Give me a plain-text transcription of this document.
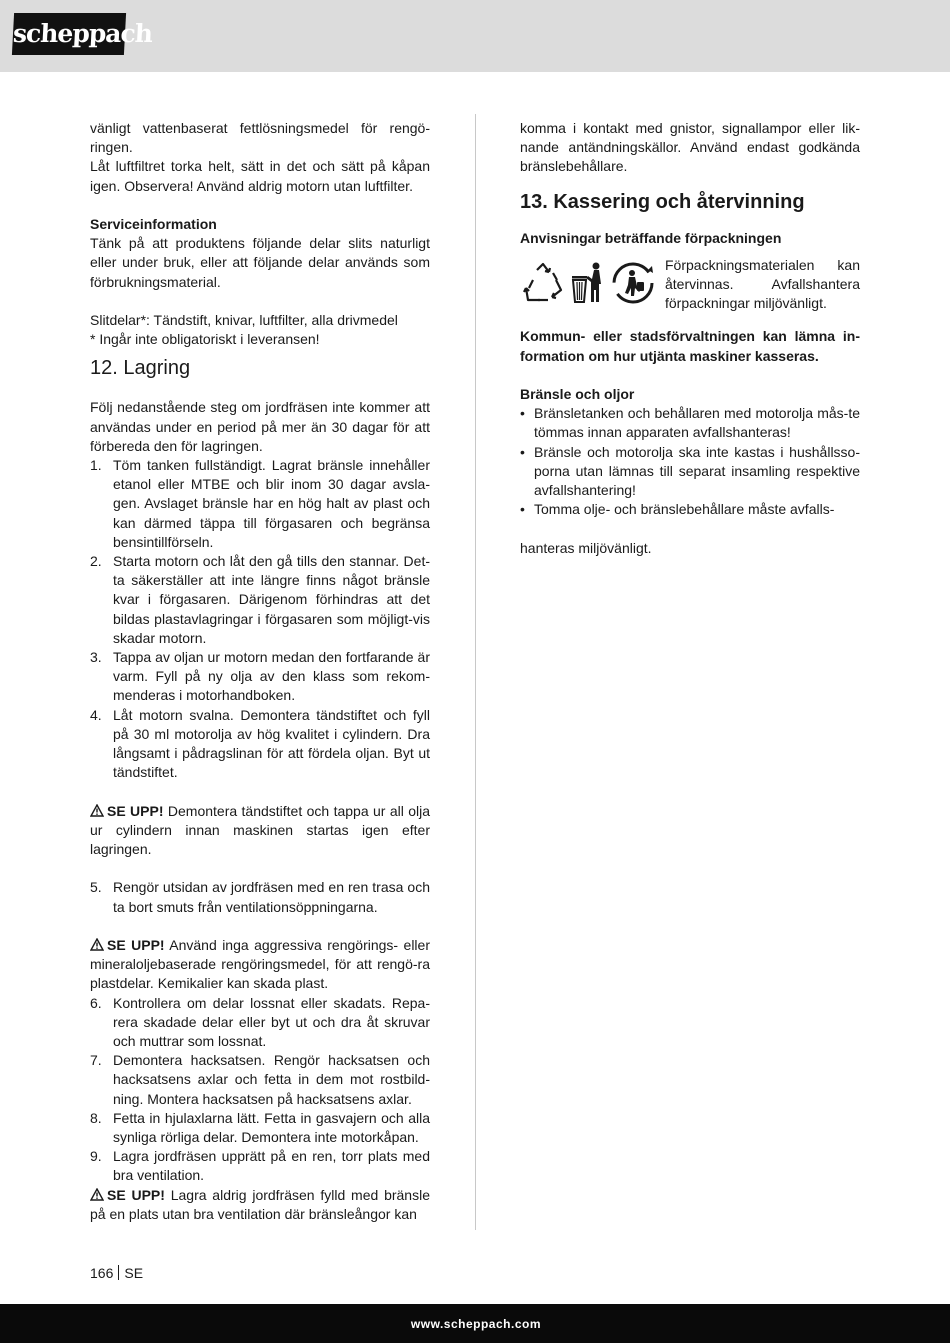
scheppach

vänligt vattenbaserat fettlösningsmedel för rengö-ringen.

Låt luftfiltret torka helt, sätt in det och sätt på kåpan igen. Observera! Använd aldrig motorn utan luftfilter.

Serviceinformation

Tänk på att produktens följande delar slits naturligt eller under bruk, eller att följande delar används som förbrukningsmaterial.

Slitdelar*: Tändstift, knivar, luftfilter, alla drivmedel

* Ingår inte obligatoriskt i leveransen!

12. Lagring

Följ nedanstående steg om jordfräsen inte kommer att användas under en period på mer än 30 dagar för att förbereda den för lagringen.

1. Töm tanken fullständigt. Lagrat bränsle innehåller etanol eller MTBE och blir inom 30 dagar avsla-gen. Avslaget bränsle har en hög halt av plast och kan därmed täppa till förgasaren och begränsa bensintillförseln.
2. Starta motorn och låt den gå tills den stannar. Det-ta säkerställer att inte längre finns något bränsle kvar i förgasaren. Därigenom förhindras att det bildas plastavlagringar i förgasaren som möjligt-vis skadar motorn.
3. Tappa av oljan ur motorn medan den fortfarande är varm. Fyll på ny olja av den klass som rekom-menderas i motorhandboken.
4. Låt motorn svalna. Demontera tändstiftet och fyll på 30 ml motorolja av hög kvalitet i cylindern. Dra långsamt i pådragslinan för att fördela oljan. Byt ut tändstiftet.

SE UPP! Demontera tändstiftet och tappa ur all olja ur cylindern innan maskinen startas igen efter lagringen.

5. Rengör utsidan av jordfräsen med en ren trasa och ta bort smuts från ventilationsöppningarna.

SE UPP! Använd inga aggressiva rengörings- eller mineraloljebaserade rengöringsmedel, för att rengö-ra plastdelar. Kemikalier kan skada plast.

6. Kontrollera om delar lossnat eller skadats. Repa-rera skadade delar eller byt ut och dra åt skruvar och muttrar som lossnat.
7. Demontera hacksatsen. Rengör hacksatsen och hacksatsens axlar och fetta in dem mot rostbild-ning. Montera hacksatsen på hacksatsens axlar.
8. Fetta in hjulaxlarna lätt. Fetta in gasvajern och alla synliga rörliga delar. Demontera inte motorkåpan.
9. Lagra jordfräsen upprätt på en ren, torr plats med bra ventilation.

SE UPP! Lagra aldrig jordfräsen fylld med bränsle på en plats utan bra ventilation där bränsleångor kan

komma i kontakt med gnistor, signallampor eller lik-nande antändningskällor. Använd endast godkända bränslebehållare.

13. Kassering och återvinning

Anvisningar beträffande förpackningen

Förpackningsmaterialen kan återvinnas. Avfallshantera förpackningar miljövänligt.

Kommun- eller stadsförvaltningen kan lämna in-formation om hur utjänta maskiner kasseras.

Bränsle och oljor

• Bränsletanken och behållaren med motorolja mås-te tömmas innan apparaten avfallshanteras!
• Bränsle och motorolja ska inte kastas i hushållsso-porna utan lämnas till separat insamling respektive avfallshantering!
• Tomma olje- och bränslebehållare måste avfalls-

hanteras miljövänligt.

166 SE
www.scheppach.com
